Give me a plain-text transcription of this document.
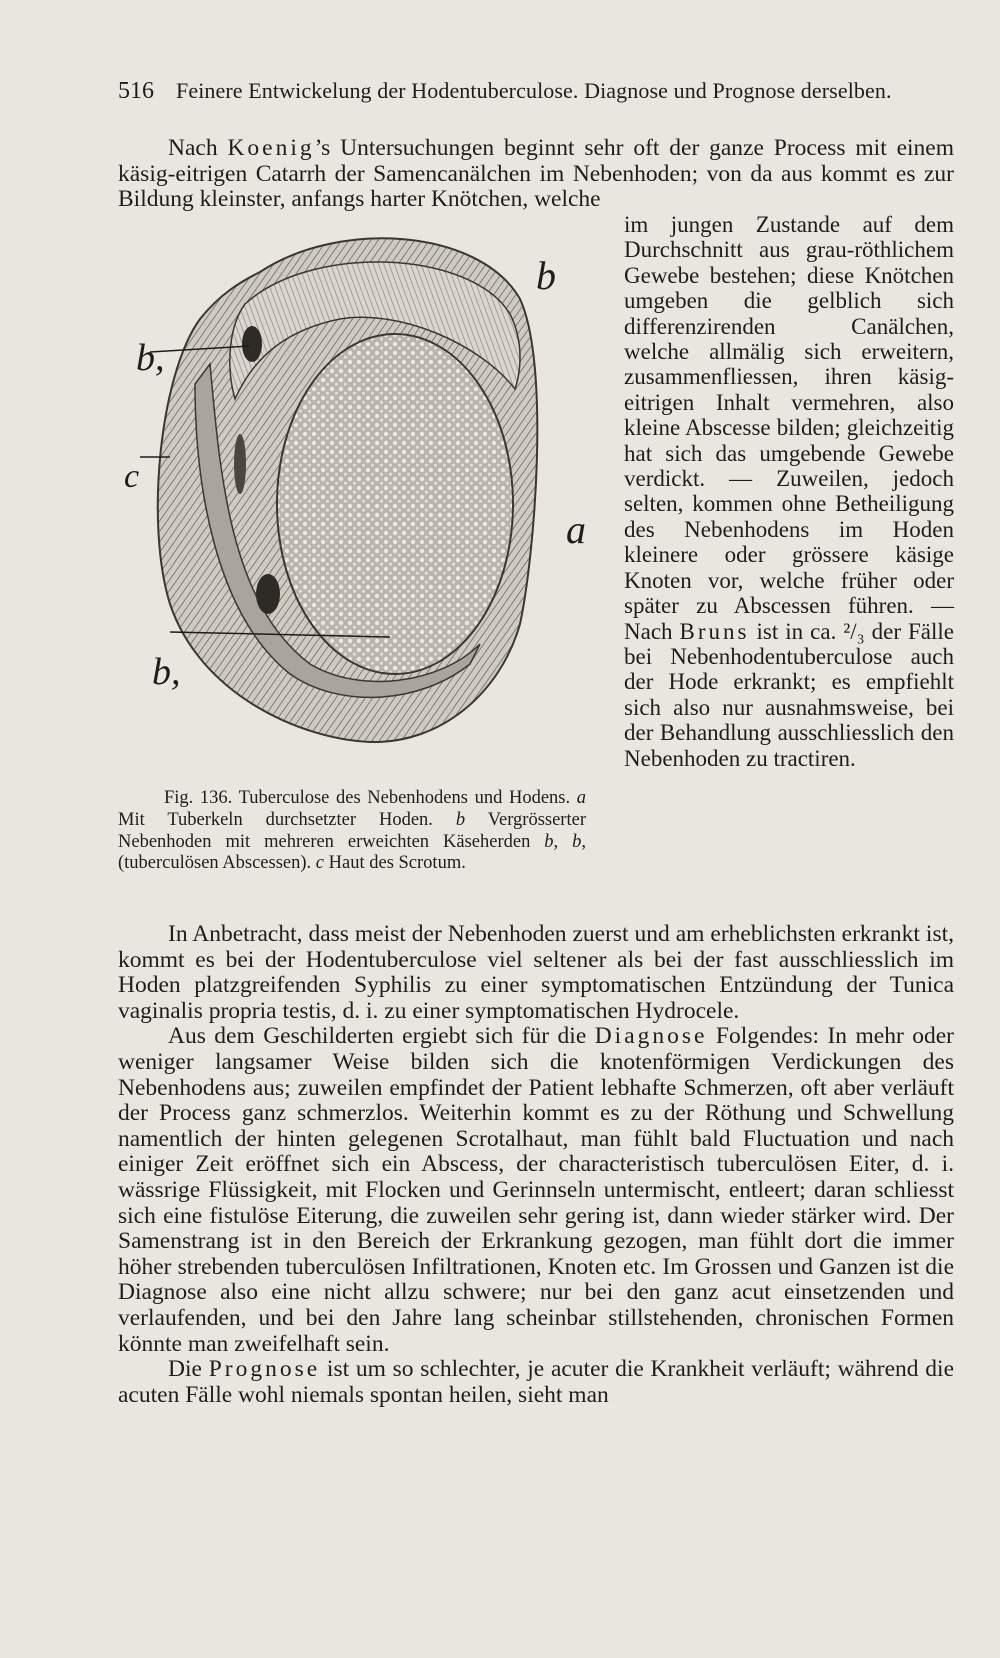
516 Feinere Entwickelung der Hodentuberculose. Diagnose und Prognose derselben.

Nach Koenig’s Untersuchungen beginnt sehr oft der ganze Process mit einem käsig-eitrigen Catarrh der Samencanälchen im Nebenhoden; von da aus kommt es zur Bildung kleinster, anfangs harter Knötchen, welche

im jungen Zustande auf dem Durchschnitt aus grau-röthlichem Gewebe bestehen; diese Knötchen umgeben die gelblich sich differenzirenden Canälchen, welche allmälig sich erweitern, zusammenfliessen, ihren käsig-eitrigen Inhalt vermehren, also kleine Abscesse bilden; gleichzeitig hat sich das umgebende Gewebe verdickt. — Zuweilen, jedoch selten, kommen ohne Betheiligung des Nebenhodens im Hoden kleinere oder grössere käsige Knoten vor, welche früher oder später zu Abscessen führen. — Nach Bruns ist in ca. ²/₃ der Fälle bei Nebenhodentuberculose auch der Hode erkrankt; es empfiehlt sich also nur ausnahmsweise, bei der Behandlung ausschliesslich den Nebenhoden zu tractiren.

b
b,
c
a
b,
Fig. 136. Tuberculose des Nebenhodens und Hodens. a Mit Tuberkeln durchsetzter Hoden. b Vergrösserter Nebenhoden mit mehreren erweichten Käseherden b, b, (tuberculösen Abscessen). c Haut des Scrotum.

In Anbetracht, dass meist der Nebenhoden zuerst und am erheblichsten erkrankt ist, kommt es bei der Hodentuberculose viel seltener als bei der fast ausschliesslich im Hoden platzgreifenden Syphilis zu einer symptomatischen Entzündung der Tunica vaginalis propria testis, d. i. zu einer symptomatischen Hydrocele.

Aus dem Geschilderten ergiebt sich für die Diagnose Folgendes: In mehr oder weniger langsamer Weise bilden sich die knotenförmigen Verdickungen des Nebenhodens aus; zuweilen empfindet der Patient lebhafte Schmerzen, oft aber verläuft der Process ganz schmerzlos. Weiterhin kommt es zu der Röthung und Schwellung namentlich der hinten gelegenen Scrotalhaut, man fühlt bald Fluctuation und nach einiger Zeit eröffnet sich ein Abscess, der characteristisch tuberculösen Eiter, d. i. wässrige Flüssigkeit, mit Flocken und Gerinnseln untermischt, entleert; daran schliesst sich eine fistulöse Eiterung, die zuweilen sehr gering ist, dann wieder stärker wird. Der Samenstrang ist in den Bereich der Erkrankung gezogen, man fühlt dort die immer höher strebenden tuberculösen Infiltrationen, Knoten etc. Im Grossen und Ganzen ist die Diagnose also eine nicht allzu schwere; nur bei den ganz acut einsetzenden und verlaufenden, und bei den Jahre lang scheinbar stillstehenden, chronischen Formen könnte man zweifelhaft sein.

Die Prognose ist um so schlechter, je acuter die Krankheit verläuft; während die acuten Fälle wohl niemals spontan heilen, sieht man
